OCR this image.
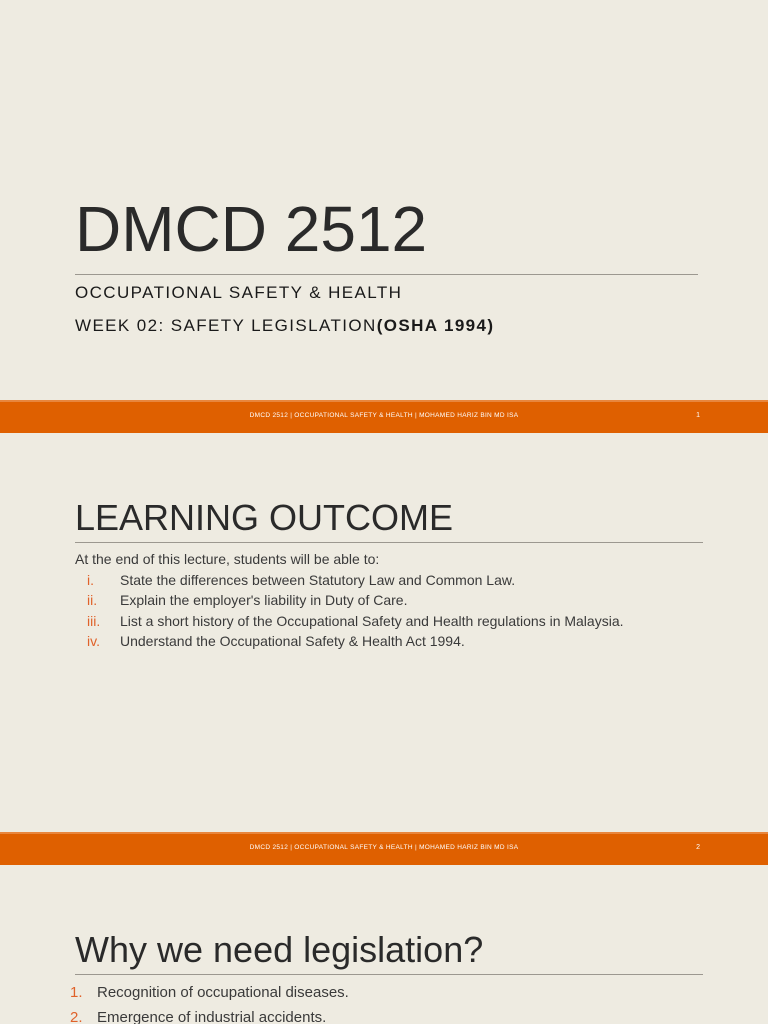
DMCD 2512
OCCUPATIONAL SAFETY & HEALTH
WEEK 02: SAFETY LEGISLATION(OSHA 1994)
DMCD 2512 | OCCUPATIONAL SAFETY & HEALTH | MOHAMED HARIZ BIN MD ISA	1
LEARNING OUTCOME
At the end of this lecture, students will be able to:
i.	State the differences between Statutory Law and Common Law.
ii.	Explain the employer's liability in Duty of Care.
iii.	List a short history of the Occupational Safety and Health regulations in Malaysia.
iv.	Understand the Occupational Safety & Health Act 1994.
DMCD 2512 | OCCUPATIONAL SAFETY & HEALTH | MOHAMED HARIZ BIN MD ISA	2
Why we need legislation?
1. Recognition of occupational diseases.
2. Emergence of industrial accidents.
